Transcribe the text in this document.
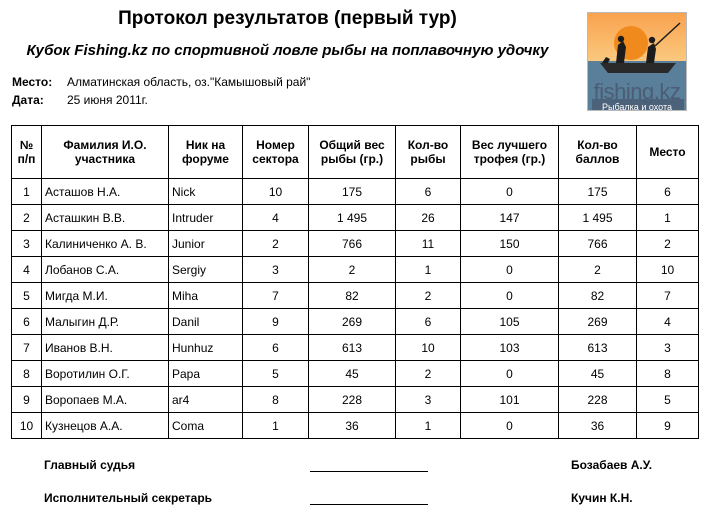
Протокол результатов (первый тур)
Кубок Fishing.kz по спортивной ловле рыбы на поплавочную удочку
Место: Алматинская область, оз."Камышовый рай"
Дата: 25 июня 2011г.	fishing.kz
Рыбалка и охота
№ п/п	Фамилия И.О. участника	Ник на форуме	Номер сектора	Общий вес рыбы (гр.)	Кол-во рыбы	Вес лучшего трофея (гр.)	Кол-во баллов	Место
1	Асташов Н.А.	Nick	10	175	6	0	175	6
2	Асташкин В.В.	Intruder	4	1 495	26	147	1 495	1
3	Калиниченко А. В.	Junior	2	766	11	150	766	2
4	Лобанов С.А.	Sergiy	3	2	1	0	2	10
5	Мигда М.И.	Miha	7	82	2	0	82	7
6	Малыгин Д.Р.	Danil	9	269	6	105	269	4
7	Иванов В.Н.	Hunhuz	6	613	10	103	613	3
8	Воротилин О.Г.	Papa	5	45	2	0	45	8
9	Воропаев М.А.	ar4	8	228	3	101	228	5
10	Кузнецов А.А.	Coma	1	36	1	0	36	9
Главный судья	Бозабаев А.У.
Исполнительный секретарь	Кучин К.Н.
